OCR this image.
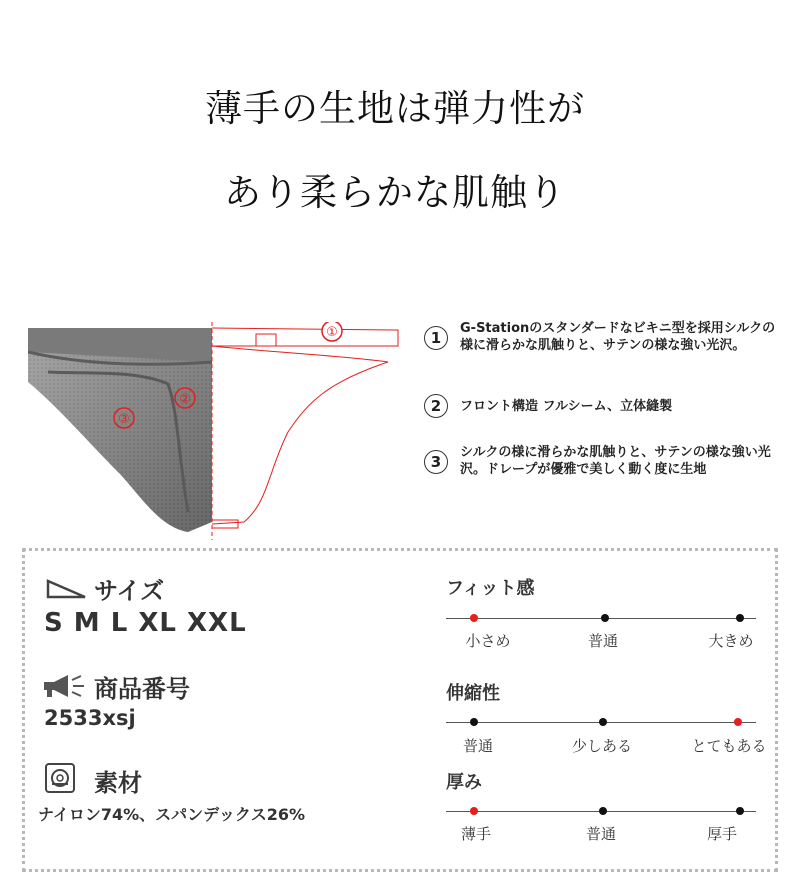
薄手の生地は弾力性が
あり柔らかな肌触り
①
②
③
1
G-Stationのスタンダードなビキニ型を採用シルクの様に滑らかな肌触りと、サテンの様な強い光沢。
2	フロント構造 フルシーム、立体縫製
3
シルクの様に滑らかな肌触りと、サテンの様な強い光沢。ドレープが優雅で美しく動く度に生地
サイズ
S M L XL XXL
商品番号
2533xsj
素材
ナイロン74%、スパンデックス26%
フィット感
小さめ	普通	大きめ
伸縮性
普通	少しある	とてもある
厚み
薄手	普通	厚手
